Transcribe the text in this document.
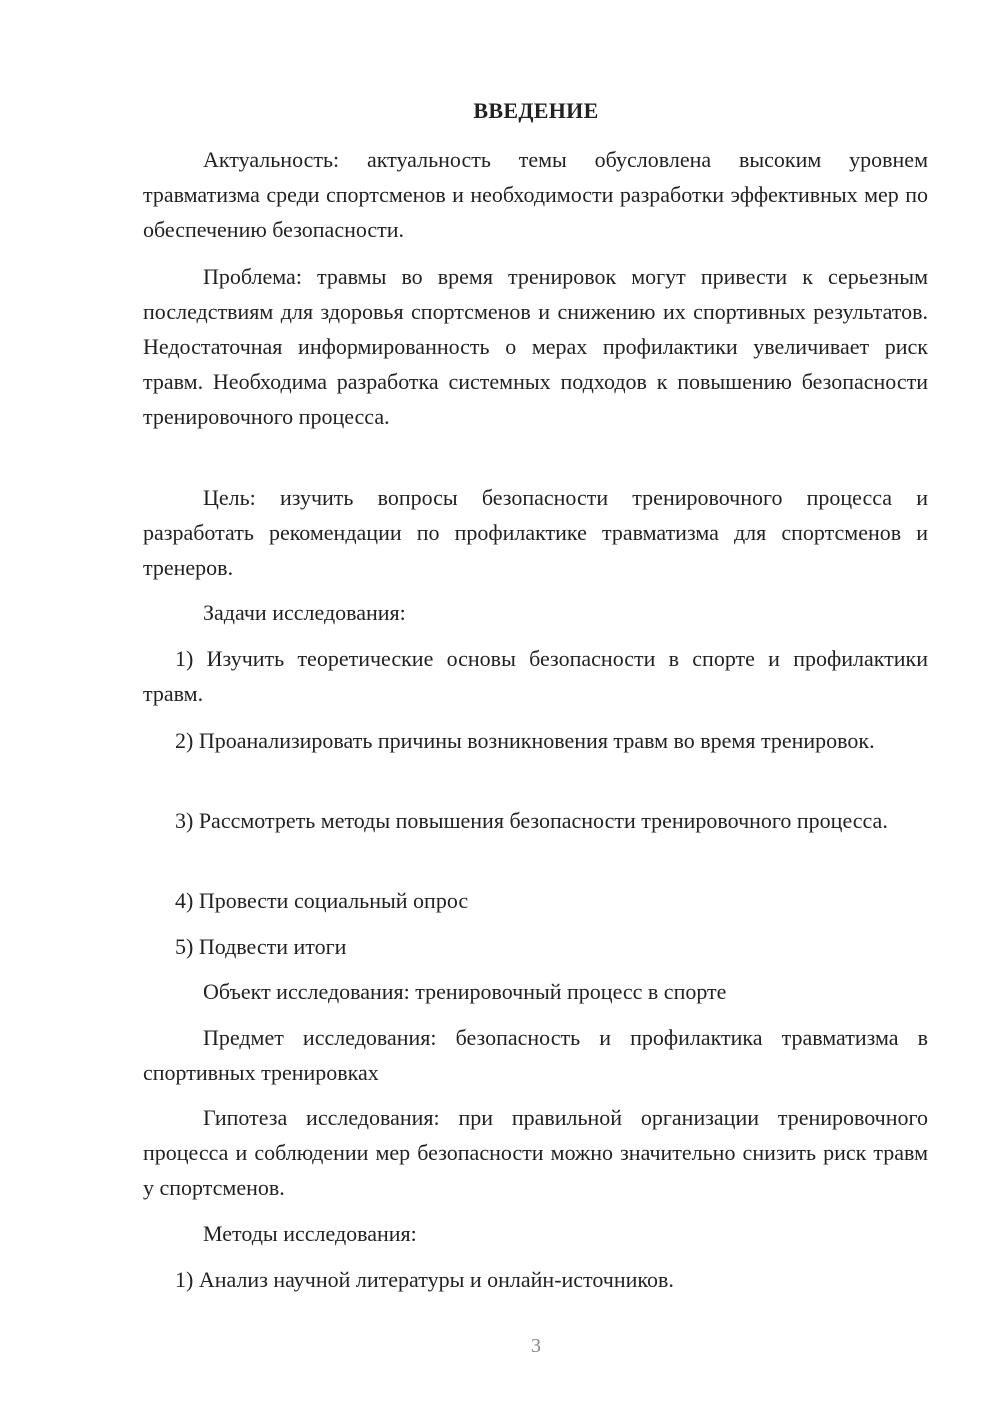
ВВЕДЕНИЕ

Актуальность: актуальность темы обусловлена высоким уровнем травматизма среди спортсменов и необходимости разработки эффективных мер по обеспечению безопасности.

Проблема: травмы во время тренировок могут привести к серьезным последствиям для здоровья спортсменов и снижению их спортивных результатов. Недостаточная информированность о мерах профилактики увеличивает риск травм. Необходима разработка системных подходов к повышению безопасности тренировочного процесса.

Цель: изучить вопросы безопасности тренировочного процесса и разработать рекомендации по профилактике травматизма для спортсменов и тренеров.

Задачи исследования:

1) Изучить теоретические основы безопасности в спорте и профилактики травм.

2) Проанализировать причины возникновения травм во время тренировок.

3) Рассмотреть методы повышения безопасности тренировочного процесса.

4) Провести социальный опрос

5) Подвести итоги

Объект исследования: тренировочный процесс в спорте

Предмет исследования: безопасность и профилактика травматизма в спортивных тренировках

Гипотеза исследования: при правильной организации тренировочного процесса и соблюдении мер безопасности можно значительно снизить риск травм у спортсменов.

Методы исследования:

1) Анализ научной литературы и онлайн-источников.

3
